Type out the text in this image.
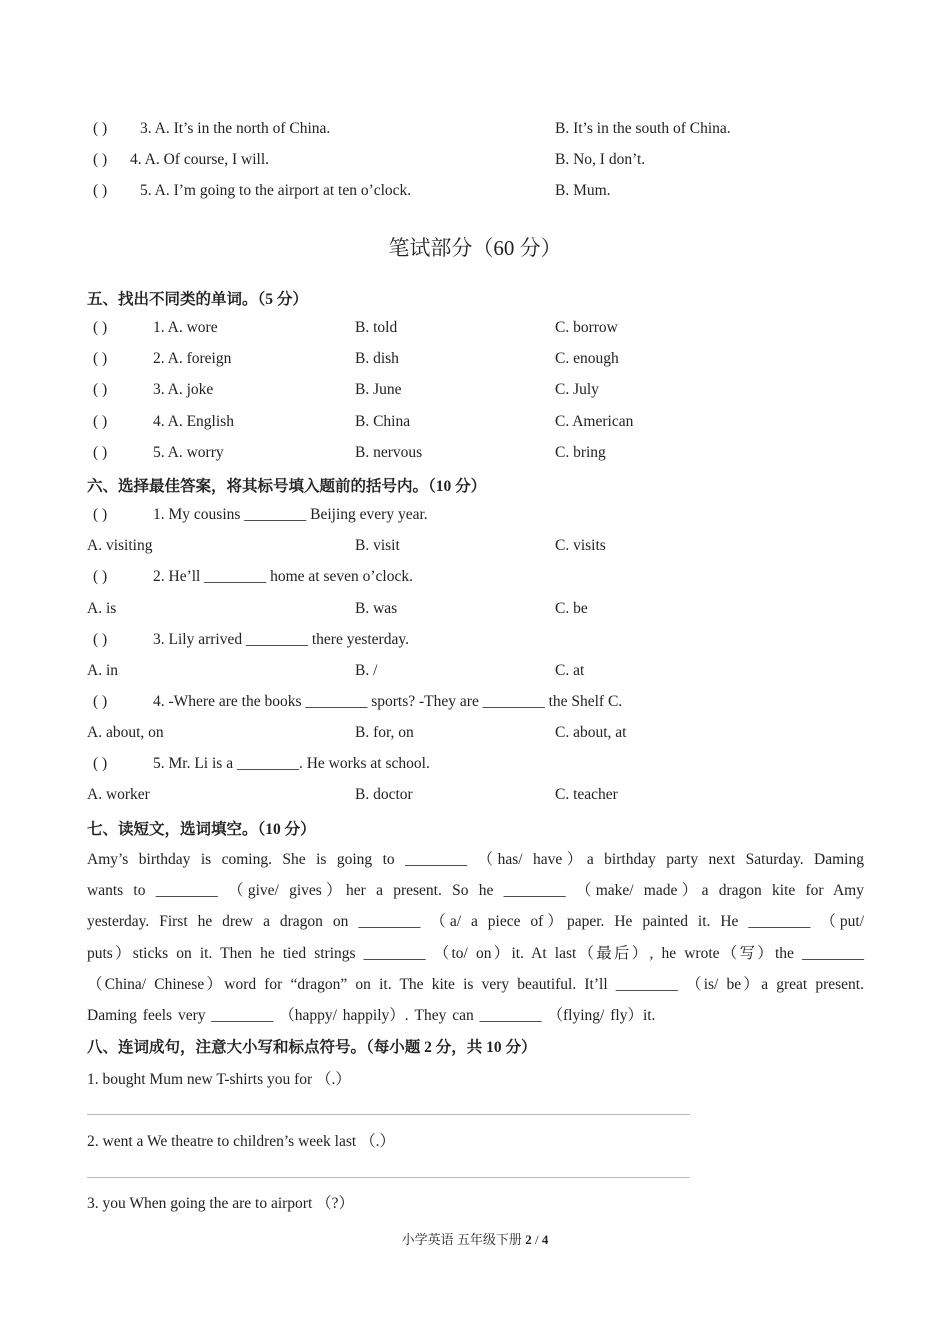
( ) 3. A. It’s in the north of China.	B. It’s in the south of China.
( ) 4. A. Of course, I will.	B. No, I don’t.
( ) 5. A. I’m going to the airport at ten o’clock.	B. Mum.
笔试部分（60 分）
五、找出不同类的单词。（5 分）
( )	1. A. wore	B. told	C. borrow
( )	2. A. foreign	B. dish	C. enough
( )	3. A. joke	B. June	C. July
( )	4. A. English	B. China	C. American
( )	5. A. worry	B. nervous	C. bring
六、选择最佳答案，将其标号填入题前的括号内。（10 分）
( )	1. My cousins ________ Beijing every year.
A. visiting	B. visit	C. visits
( )	2. He’ll ________ home at seven o’clock.
A. is	B. was	C. be
( )	3. Lily arrived ________ there yesterday.
A. in	B. /	C. at
( )	4. -Where are the books ________ sports? -They are ________ the Shelf C.
A. about, on	B. for, on	C. about, at
( )	5. Mr. Li is a ________. He works at school.
A. worker	B. doctor	C. teacher
七、读短文，选词填空。（10 分）
Amy’s birthday is coming. She is going to ________ （has/ have）a birthday party next Saturday. Daming
wants to ________ （give/ gives）her a present. So he ________ （make/ made）a dragon kite for Amy
yesterday. First he drew a dragon on ________ （a/ a piece of）paper. He painted it. He ________ （put/
puts）sticks on it. Then he tied strings ________ （to/ on）it. At last（最后）, he wrote（写）the ________
（China/ Chinese）word for “dragon” on it. The kite is very beautiful. It’ll ________ （is/ be）a great present.
Daming feels very ________ （happy/ happily）. They can ________ （flying/ fly）it.
八、连词成句，注意大小写和标点符号。（每小题 2 分，共 10 分）
1. bought Mum new T-shirts you for （.）
2. went a We theatre to children’s week last （.）
3. you When going the are to airport （?）
小学英语 五年级下册 2 / 4
